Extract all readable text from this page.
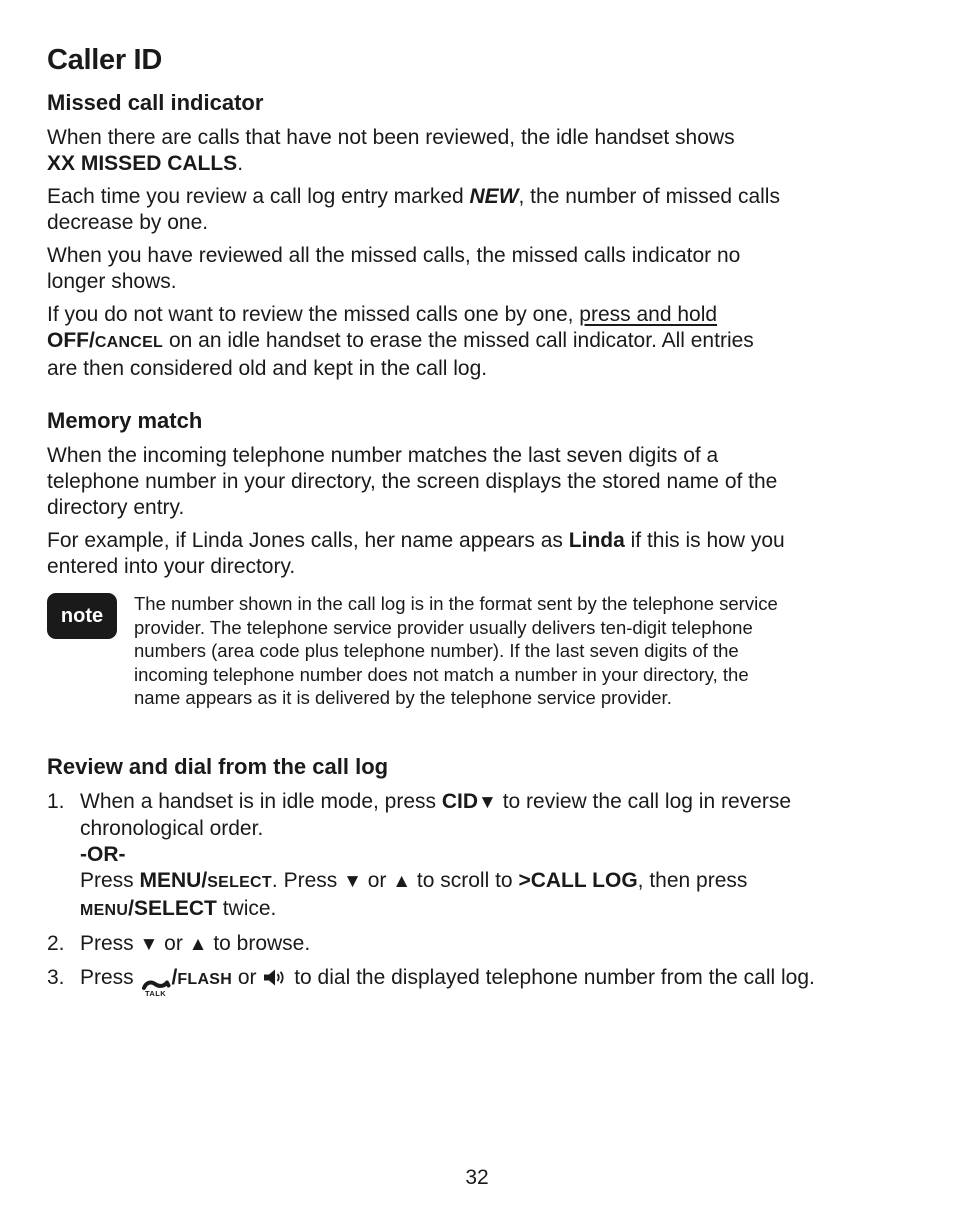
Caller ID
Missed call indicator

When there are calls that have not been reviewed, the idle handset shows
XX MISSED CALLS.

Each time you review a call log entry marked NEW, the number of missed calls
decrease by one.

When you have reviewed all the missed calls, the missed calls indicator no
longer shows.

If you do not want to review the missed calls one by one, press and hold
OFF/CANCEL on an idle handset to erase the missed call indicator. All entries
are then considered old and kept in the call log.

Memory match

When the incoming telephone number matches the last seven digits of a
telephone number in your directory, the screen displays the stored name of the
directory entry.

For example, if Linda Jones calls, her name appears as Linda if this is how you
entered into your directory.

note
The number shown in the call log is in the format sent by the telephone service
provider. The telephone service provider usually delivers ten-digit telephone
numbers (area code plus telephone number). If the last seven digits of the
incoming telephone number does not match a number in your directory, the
name appears as it is delivered by the telephone service provider.
Review and dial from the call log
1. When a handset is in idle mode, press CID▼ to review the call log in reverse
chronological order.
-OR-
Press MENU/SELECT. Press ▼ or ▲ to scroll to >CALL LOG, then press
MENU/SELECT twice.
2. Press ▼ or ▲ to browse.
3. Press
TALK
/FLASH or  to dial the displayed telephone number from the call log.
32
